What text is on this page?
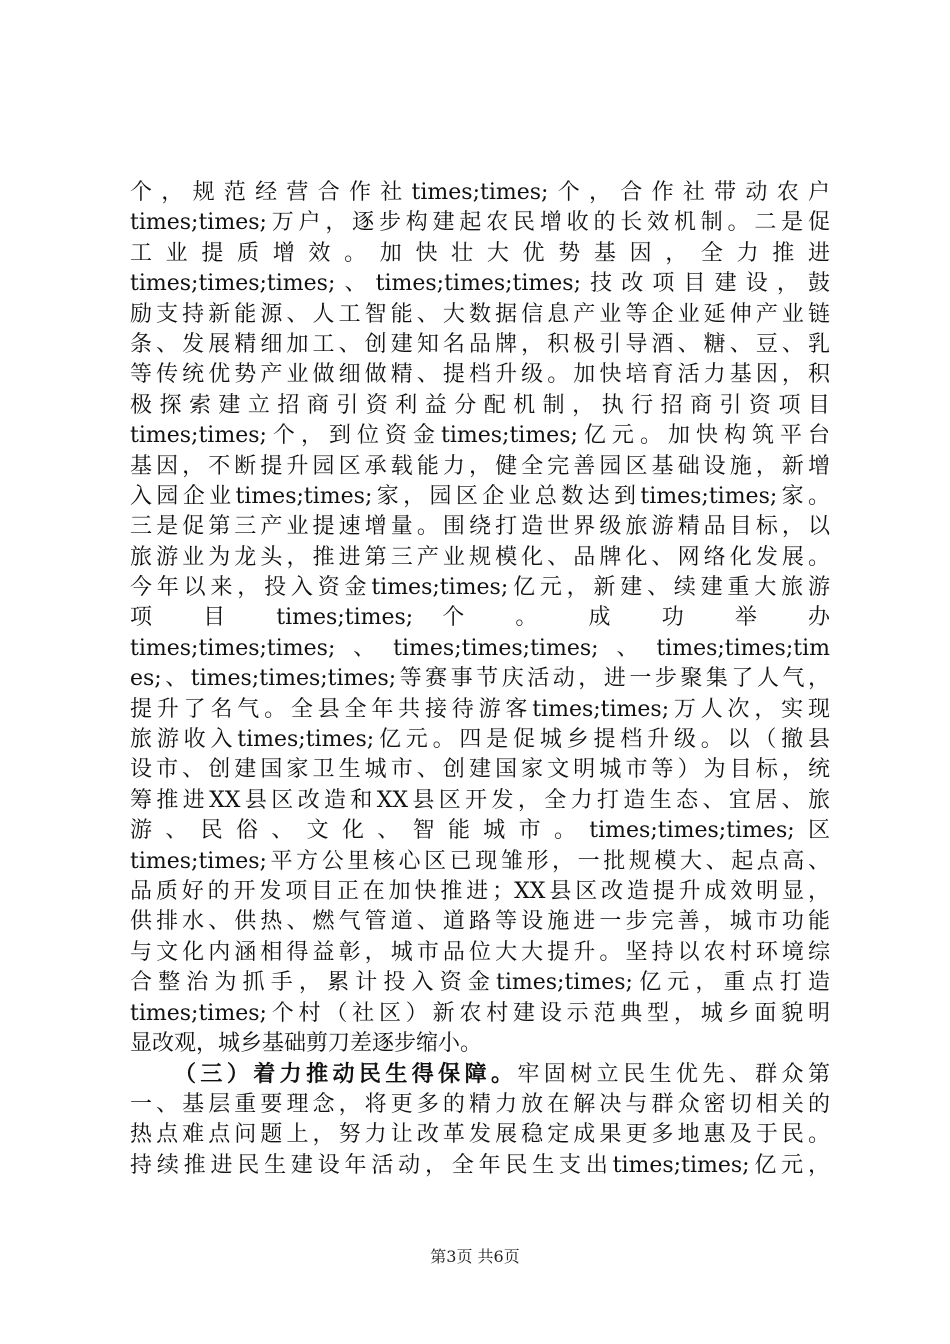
个，规范经营合作社times;times;个，合作社带动农户
times;times;万户，逐步构建起农民增收的长效机制。二是促
工业提质增效。加快壮大优势基因，全力推进
times;times;times;、times;times;times;技改项目建设，鼓
励支持新能源、人工智能、大数据信息产业等企业延伸产业链
条、发展精细加工、创建知名品牌，积极引导酒、糖、豆、乳
等传统优势产业做细做精、提档升级。加快培育活力基因，积
极探索建立招商引资利益分配机制，执行招商引资项目
times;times;个，到位资金times;times;亿元。加快构筑平台
基因，不断提升园区承载能力，健全完善园区基础设施，新增
入园企业times;times;家，园区企业总数达到times;times;家。
三是促第三产业提速增量。围绕打造世界级旅游精品目标，以
旅游业为龙头，推进第三产业规模化、品牌化、网络化发展。
今年以来，投入资金times;times;亿元，新建、续建重大旅游
项 目 times;times; 个 。 成 功 举 办
times;times;times;、times;times;times;、times;times;tim
es;、times;times;times;等赛事节庆活动，进一步聚集了人气，
提升了名气。全县全年共接待游客times;times;万人次，实现
旅游收入times;times;亿元。四是促城乡提档升级。以（撤县
设市、创建国家卫生城市、创建国家文明城市等）为目标，统
筹推进XX县区改造和XX县区开发，全力打造生态、宜居、旅
游、民俗、文化、智能城市。times;times;times;区
times;times;平方公里核心区已现雏形，一批规模大、起点高、
品质好的开发项目正在加快推进；XX县区改造提升成效明显，
供排水、供热、燃气管道、道路等设施进一步完善，城市功能
与文化内涵相得益彰，城市品位大大提升。坚持以农村环境综
合整治为抓手，累计投入资金times;times;亿元，重点打造
times;times;个村（社区）新农村建设示范典型，城乡面貌明
显改观，城乡基础剪刀差逐步缩小。
（三）着力推动民生得保障。牢固树立民生优先、群众第
一、基层重要理念，将更多的精力放在解决与群众密切相关的
热点难点问题上，努力让改革发展稳定成果更多地惠及于民。
持续推进民生建设年活动，全年民生支出times;times;亿元，
第3页 共6页
